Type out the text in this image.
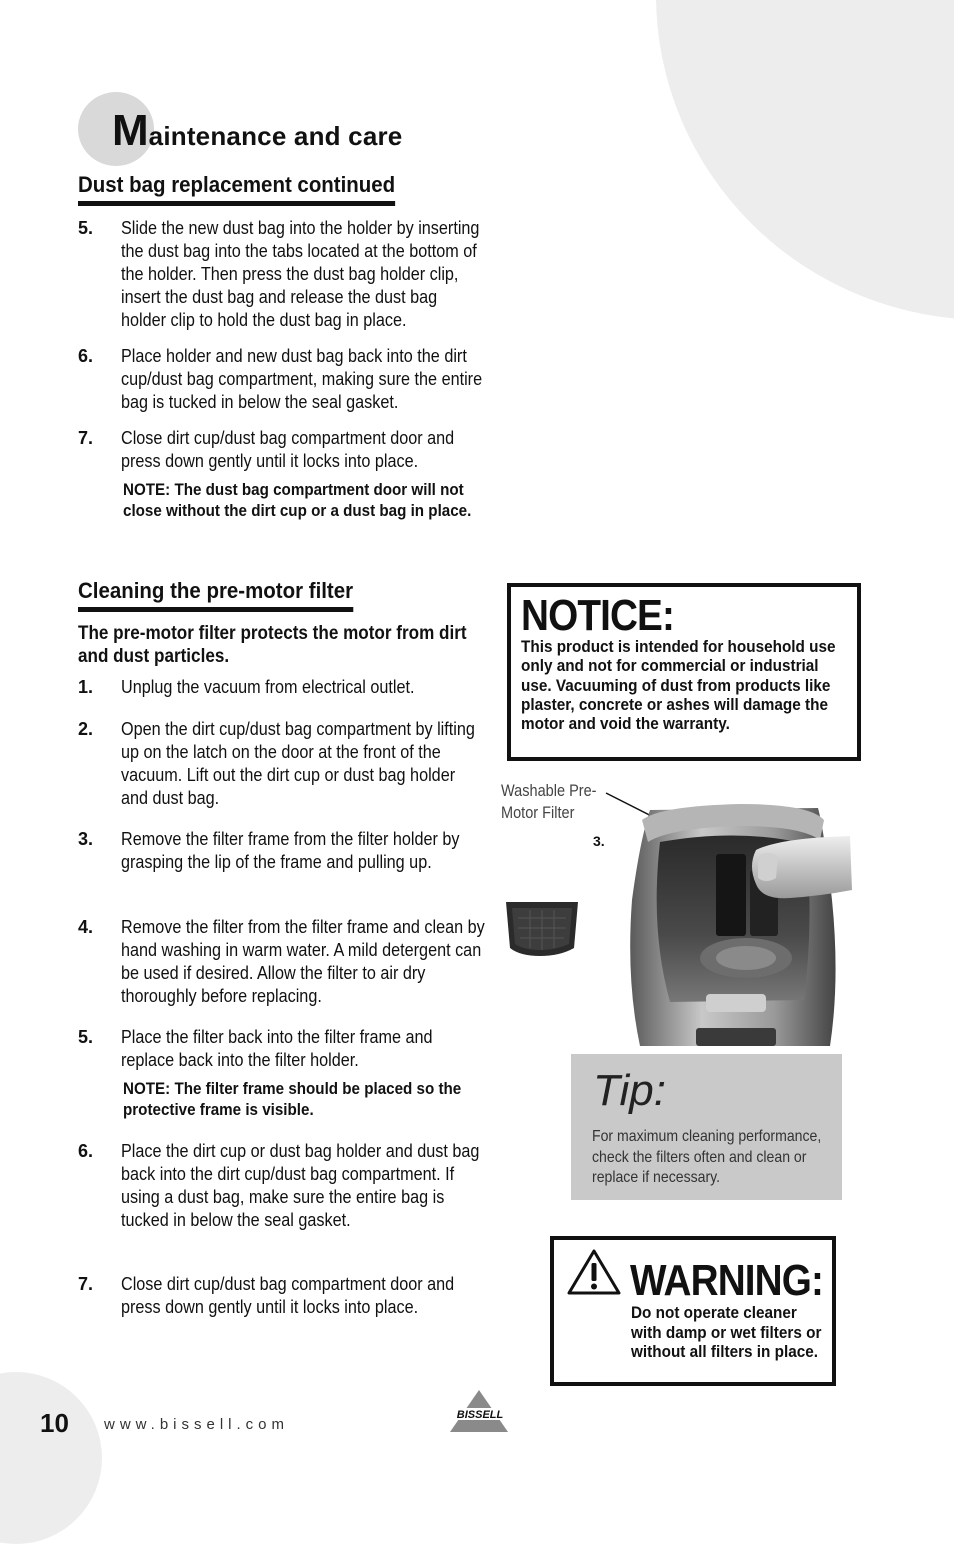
Maintenance and care
Dust bag replacement continued
5. Slide the new dust bag into the holder by inserting the dust bag into the tabs located at the bottom of the holder. Then press the dust bag holder clip, insert the dust bag and release the dust bag holder clip to hold the dust bag in place.
6. Place holder and new dust bag back into the dirt cup/dust bag compartment, making sure the entire bag is tucked in below the seal gasket.
7. Close dirt cup/dust bag compartment door and press down gently until it locks into place.
NOTE: The dust bag compartment door will not close without the dirt cup or a dust bag in place.
Cleaning the pre-motor filter
The pre-motor filter protects the motor from dirt and dust particles.
1. Unplug the vacuum from electrical outlet.
2. Open the dirt cup/dust bag compartment by lifting up on the latch on the door at the front of the vacuum. Lift out the dirt cup or dust bag holder and dust bag.
3. Remove the filter frame from the filter holder by grasping the lip of the frame and pulling up.
4. Remove the filter from the filter frame and clean by hand washing in warm water. A mild detergent can be used if desired. Allow the filter to air dry thoroughly before replacing.
5. Place the filter back into the filter frame and replace back into the filter holder.
NOTE: The filter frame should be placed so the protective frame is visible.
6. Place the dirt cup or dust bag holder and dust bag back into the dirt cup/dust bag compartment. If using a dust bag, make sure the entire bag is tucked in below the seal gasket.
7. Close dirt cup/dust bag compartment door and press down gently until it locks into place.
NOTICE:
This product is intended for household use only and not for commercial or industrial use. Vacuuming of dust from products like plaster, concrete or ashes will damage the motor and void the warranty.
Washable Pre-
Motor Filter
3.
Tip:
For maximum cleaning performance, check the filters often and clean or replace if necessary.
WARNING:
Do not operate cleaner with damp or wet filters or without all filters in place.
10 www.bissell.com
BISSELL
